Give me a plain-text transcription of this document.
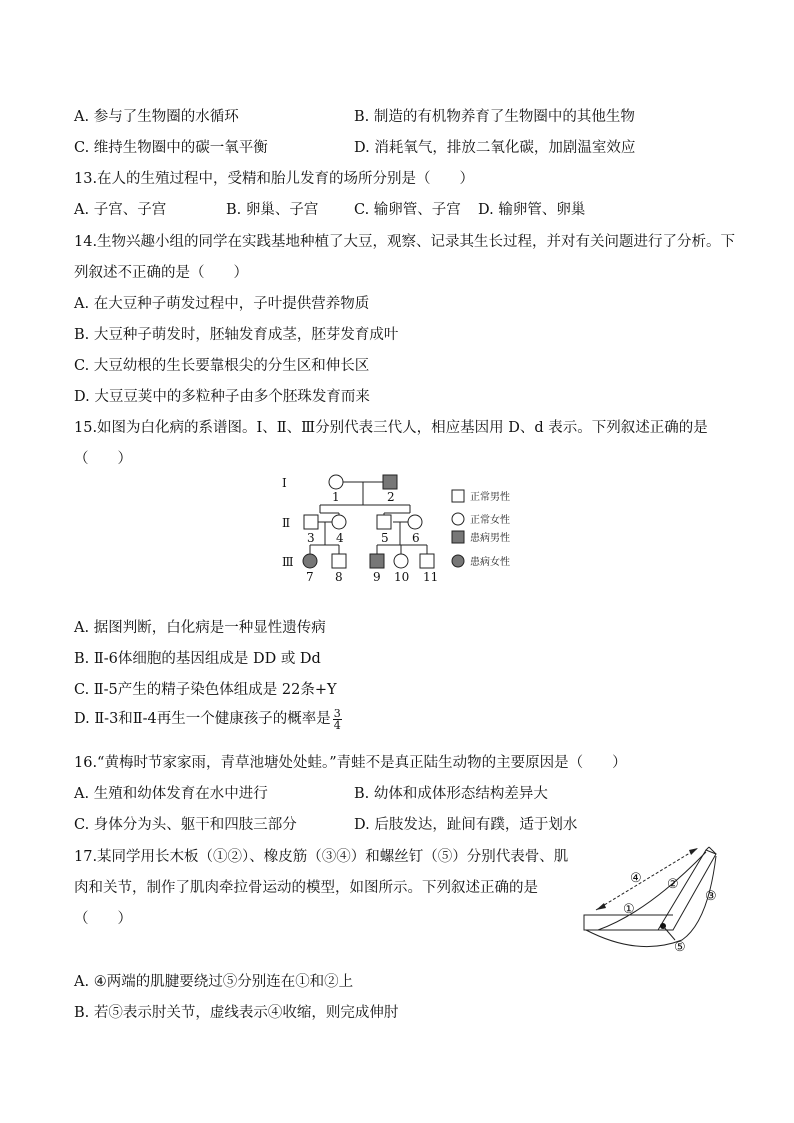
A. 参与了生物圈的水循环	B. 制造的有机物养育了生物圈中的其他生物
C. 维持生物圈中的碳一氧平衡	D. 消耗氧气，排放二氧化碳，加剧温室效应
13.在人的生殖过程中，受精和胎儿发育的场所分别是（　　）
A. 子宫、子宫	B. 卵巢、子宫 C. 输卵管、子宫 D. 输卵管、卵巢
14.生物兴趣小组的同学在实践基地种植了大豆，观察、记录其生长过程，并对有关问题进行了分析。下
列叙述不正确的是（　　）
A. 在大豆种子萌发过程中，子叶提供营养物质
B. 大豆种子萌发时，胚轴发育成茎，胚芽发育成叶
C. 大豆幼根的生长要靠根尖的分生区和伸长区
D. 大豆豆荚中的多粒种子由多个胚珠发育而来
15.如图为白化病的系谱图。Ⅰ、Ⅱ、Ⅲ分别代表三代人，相应基因用 D、d 表示。下列叙述正确的是
（　　）
Ⅰ
Ⅱ
Ⅲ
1	2
3 4	5 6
7 8	9 10 11
正常男性
正常女性
患病男性
患病女性
A. 据图判断，白化病是一种显性遗传病
B. Ⅱ-6体细胞的基因组成是 DD 或 Dd
C. Ⅱ-5产生的精子染色体组成是 22条+Y
D. Ⅱ-3和Ⅱ-4再生一个健康孩子的概率是 $\frac{3}{4}$
16.“黄梅时节家家雨，青草池塘处处蛙。”青蛙不是真正陆生动物的主要原因是（　　）
A. 生殖和幼体发育在水中进行	B. 幼体和成体形态结构差异大
C. 身体分为头、躯干和四肢三部分	D. 后肢发达，趾间有蹼，适于划水
17.某同学用长木板（①②）、橡皮筋（③④）和螺丝钉（⑤）分别代表骨、肌
肉和关节，制作了肌肉牵拉骨运动的模型，如图所示。下列叙述正确的是
（　　）
①
②
③
④
⑤
A. ④两端的肌腱要绕过⑤分别连在①和②上
B. 若⑤表示肘关节，虚线表示④收缩，则完成伸肘
